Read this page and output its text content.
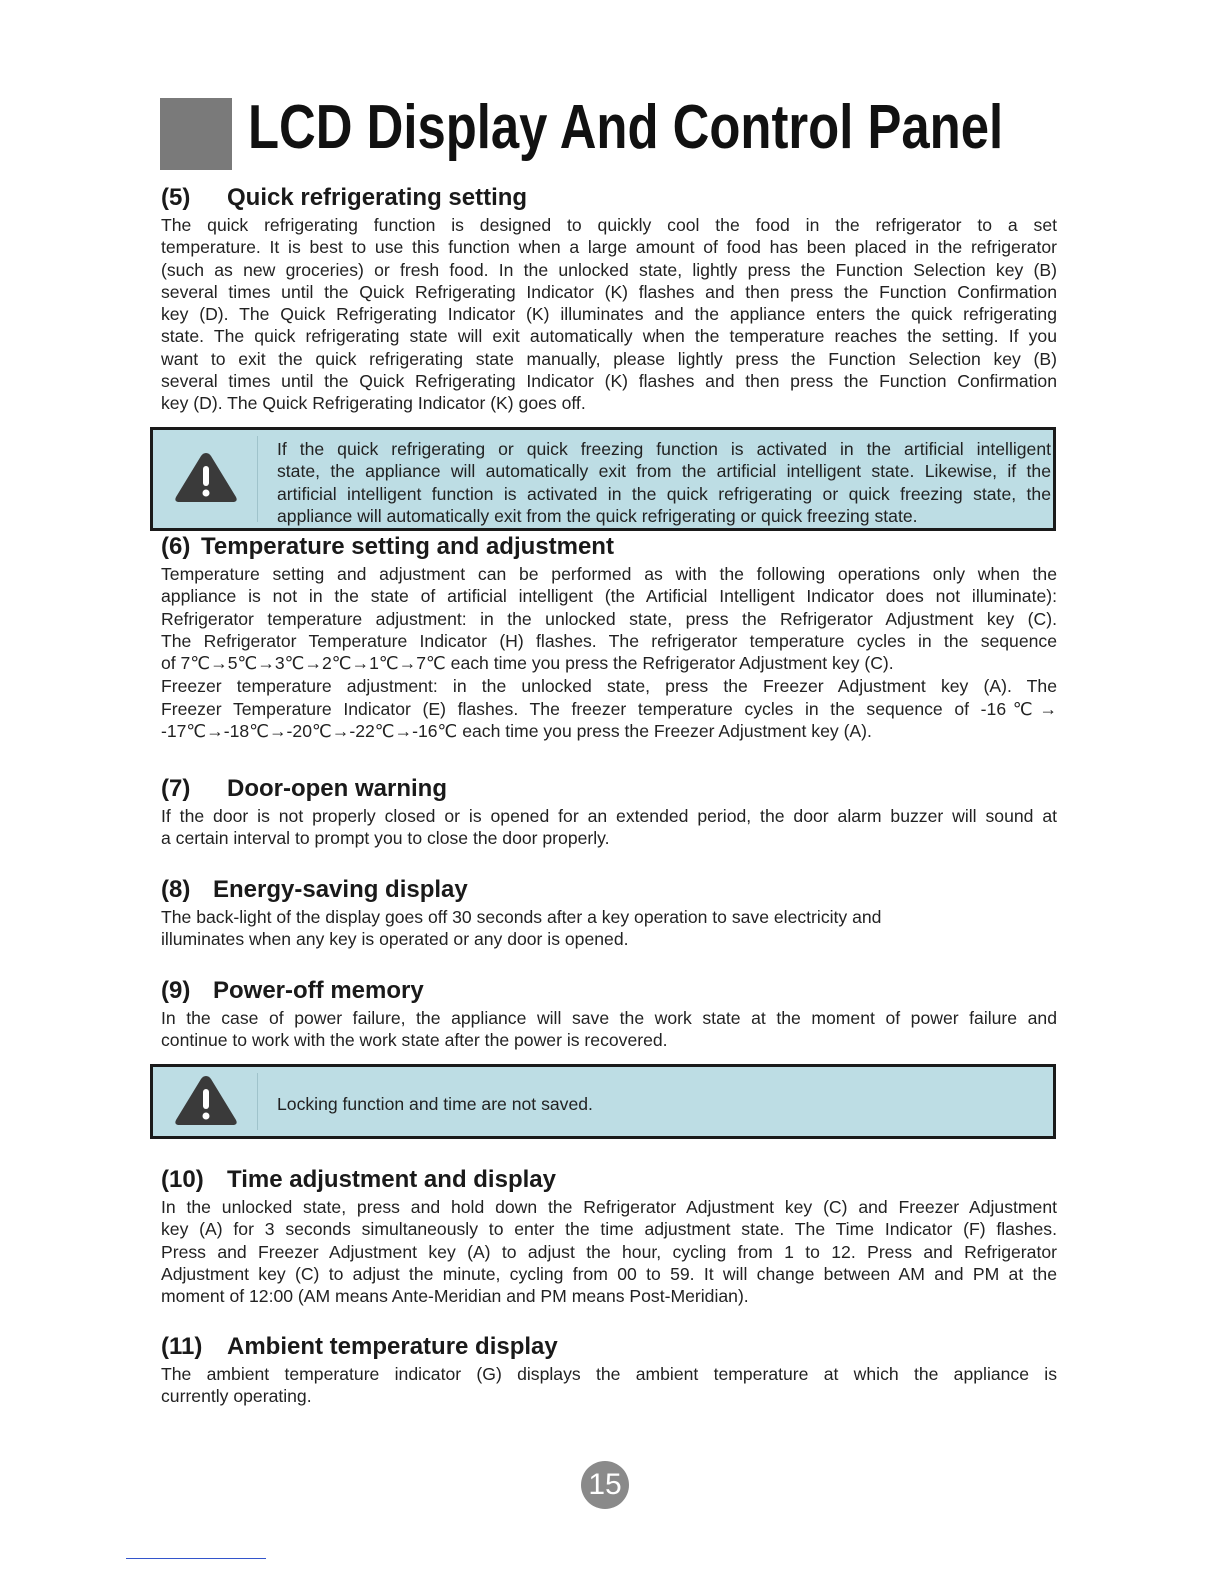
LCD Display And Control Panel
(5) Quick refrigerating setting
The quick refrigerating function is designed to quickly cool the food in the refrigerator to a set
temperature. It is best to use this function when a large amount of food has been placed in the refrigerator
(such as new groceries) or fresh food. In the unlocked state, lightly press the Function Selection key (B)
several times until the Quick Refrigerating Indicator (K) flashes and then press the Function Confirmation
key (D). The Quick Refrigerating Indicator (K) illuminates and the appliance enters the quick refrigerating
state. The quick refrigerating state will exit automatically when the temperature reaches the setting. If you
want to exit the quick refrigerating state manually, please lightly press the Function Selection key (B)
several times until the Quick Refrigerating Indicator (K) flashes and then press the Function Confirmation
key (D). The Quick Refrigerating Indicator (K) goes off.
If the quick refrigerating or quick freezing function is activated in the artificial intelligent
state, the appliance will automatically exit from the artificial intelligent state. Likewise, if the
artificial intelligent function is activated in the quick refrigerating or quick freezing state, the
appliance will automatically exit from the quick refrigerating or quick freezing state.
(6) Temperature setting and adjustment
Temperature setting and adjustment can be performed as with the following operations only when the
appliance is not in the state of artificial intelligent (the Artificial Intelligent Indicator does not illuminate):
Refrigerator temperature adjustment: in the unlocked state, press the Refrigerator Adjustment key (C).
The Refrigerator Temperature Indicator (H) flashes. The refrigerator temperature cycles in the sequence
of 7℃→5℃→3℃→2℃→1℃→7℃ each time you press the Refrigerator Adjustment key (C).
Freezer temperature adjustment: in the unlocked state, press the Freezer Adjustment key (A). The
Freezer Temperature Indicator (E) flashes. The freezer temperature cycles in the sequence of -16℃→
-17℃→-18℃→-20℃→-22℃→-16℃ each time you press the Freezer Adjustment key (A).
(7) Door-open warning
If the door is not properly closed or is opened for an extended period, the door alarm buzzer will sound at
a certain interval to prompt you to close the door properly.
(8) Energy-saving display
The back-light of the display goes off 30 seconds after a key operation to save electricity and
illuminates when any key is operated or any door is opened.
(9) Power-off memory
In the case of power failure, the appliance will save the work state at the moment of power failure and
continue to work with the work state after the power is recovered.
Locking function and time are not saved.
(10) Time adjustment and display
In the unlocked state, press and hold down the Refrigerator Adjustment key (C) and Freezer Adjustment
key (A) for 3 seconds simultaneously to enter the time adjustment state. The Time Indicator (F) flashes.
Press and Freezer Adjustment key (A) to adjust the hour, cycling from 1 to 12. Press and Refrigerator
Adjustment key (C) to adjust the minute, cycling from 00 to 59. It will change between AM and PM at the
moment of 12:00 (AM means Ante-Meridian and PM means Post-Meridian).
(11) Ambient temperature display
The ambient temperature indicator (G) displays the ambient temperature at which the appliance is
currently operating.
15
